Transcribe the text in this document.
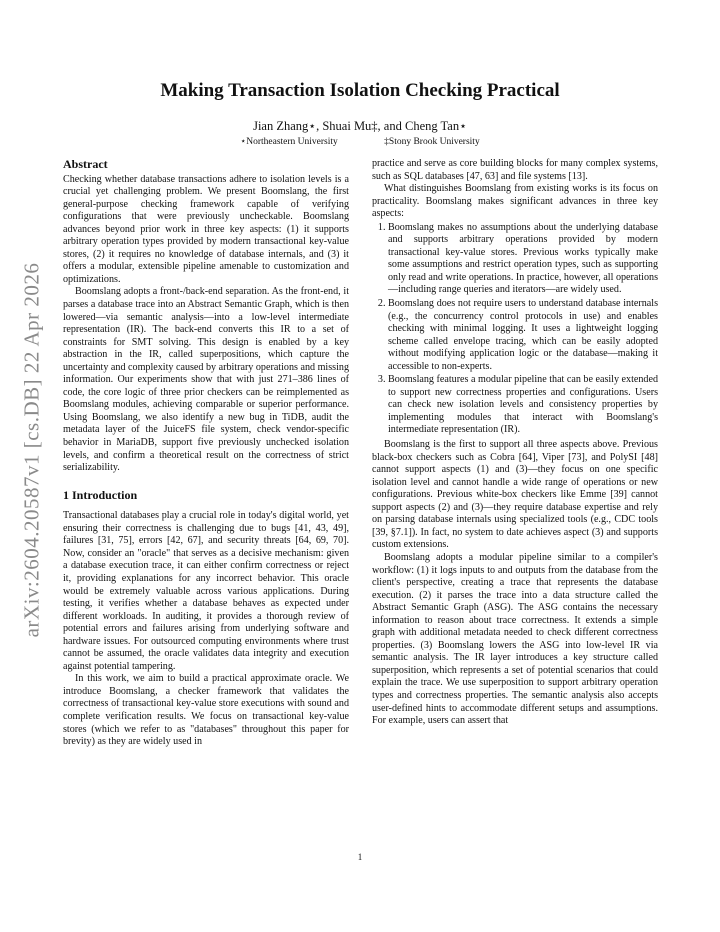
arXiv:2604.20587v1 [cs.DB] 22 Apr 2026
Making Transaction Isolation Checking Practical
Jian Zhang⋆, Shuai Mu‡, and Cheng Tan⋆
⋆Northeastern University	‡Stony Brook University
Abstract

Checking whether database transactions adhere to isolation levels is a crucial yet challenging problem. We present Boomslang, the first general-purpose checking framework capable of verifying configurations that were previously uncheckable. Boomslang advances beyond prior work in three key aspects: (1) it supports arbitrary operation types provided by modern transactional key-value stores, (2) it requires no knowledge of database internals, and (3) it offers a modular, extensible pipeline amenable to customization and optimizations.

Boomslang adopts a front-/back-end separation. As the front-end, it parses a database trace into an Abstract Semantic Graph, which is then lowered—via semantic analysis—into a low-level intermediate representation (IR). The back-end converts this IR to a set of constraints for SMT solving. This design is enabled by a key abstraction in the IR, called superpositions, which capture the uncertainty and complexity caused by arbitrary operations and missing information. Our experiments show that with just 271–386 lines of code, the core logic of three prior checkers can be reimplemented as Boomslang modules, achieving comparable or superior performance. Using Boomslang, we also identify a new bug in TiDB, audit the metadata layer of the JuiceFS file system, check vendor-specific behavior in MariaDB, support five previously unchecked isolation levels, and confirm a theoretical result on the correctness of strict serializability.

1 Introduction

Transactional databases play a crucial role in today's digital world, yet ensuring their correctness is challenging due to bugs [41, 43, 49], failures [31, 75], errors [42, 67], and security threats [64, 69, 70]. Now, consider an "oracle" that serves as a decisive mechanism: given a database execution trace, it can either confirm correctness or reject it, providing explanations for any incorrect behavior. This oracle would be extremely valuable across various applications. During testing, it verifies whether a database behaves as expected under different workloads. In auditing, it provides a thorough review of potential errors and failures arising from underlying software and hardware issues. For outsourced computing environments where trust cannot be assumed, the oracle validates data integrity and execution against potential tampering.

In this work, we aim to build a practical approximate oracle. We introduce Boomslang, a checker framework that validates the correctness of transactional key-value store executions with sound and complete verification results. We focus on transactional key-value stores (which we refer to as "databases" throughout this paper for brevity) as they are widely used in

practice and serve as core building blocks for many complex systems, such as SQL databases [47, 63] and file systems [13].

What distinguishes Boomslang from existing works is its focus on practicality. Boomslang makes significant advances in three key aspects:

1. Boomslang makes no assumptions about the underlying database and supports arbitrary operations provided by modern transactional key-value stores. Previous works typically make some assumptions and restrict operation types, such as supporting only read and write operations. In practice, however, all operations—including range queries and iterators—are widely used.
2. Boomslang does not require users to understand database internals (e.g., the concurrency control protocols in use) and enables checking with minimal logging. It uses a lightweight logging scheme called envelope tracing, which can be easily adopted without modifying application logic or the database—making it accessible to non-experts.
3. Boomslang features a modular pipeline that can be easily extended to support new correctness properties and configurations. Users can check new isolation levels and consistency properties by implementing modules that interact with Boomslang's intermediate representation (IR).

Boomslang is the first to support all three aspects above. Previous black-box checkers such as Cobra [64], Viper [73], and PolySI [48] cannot support aspects (1) and (3)—they focus on one specific isolation level and cannot handle a wide range of operations or new configurations. Previous white-box checkers like Emme [39] cannot support aspects (2) and (3)—they require database expertise and rely on parsing database internals using specialized tools (e.g., CDC tools [39, §7.1]). In fact, no system to date achieves aspect (3) and supports custom extensions.

Boomslang adopts a modular pipeline similar to a compiler's workflow: (1) it logs inputs to and outputs from the database from the client's perspective, creating a trace that represents the database execution. (2) it parses the trace into a data structure called the Abstract Semantic Graph (ASG). The ASG contains the necessary information to reason about trace correctness. It extends a simple graph with additional metadata needed to check different correctness properties. (3) Boomslang lowers the ASG into low-level IR via semantic analysis. The IR layer introduces a key structure called superposition, which represents a set of potential scenarios that could explain the trace. We use superposition to support arbitrary operation types and correctness properties. The semantic analysis also accepts user-defined hints to accommodate different setups and assumptions. For example, users can assert that

1
